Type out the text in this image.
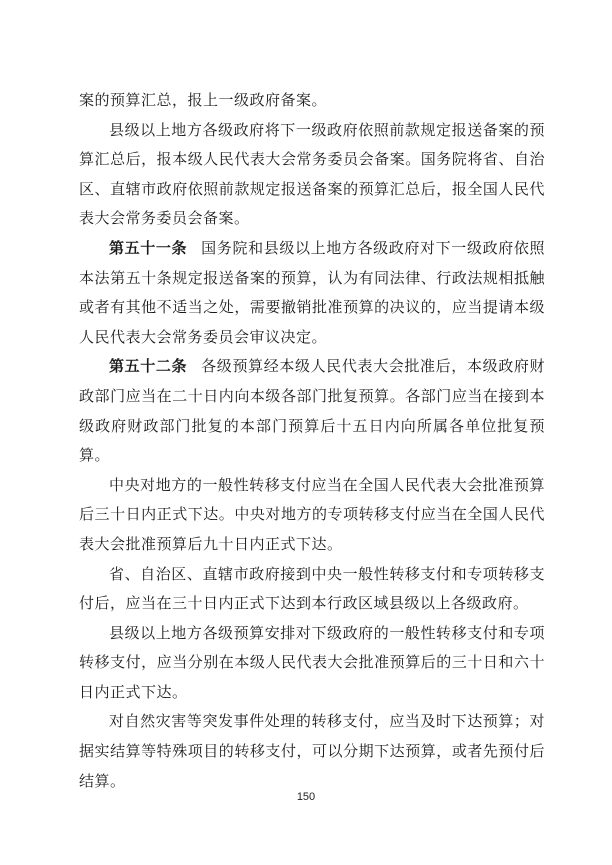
案的预算汇总，报上一级政府备案。

县级以上地方各级政府将下一级政府依照前款规定报送备案的预算汇总后，报本级人民代表大会常务委员会备案。国务院将省、自治区、直辖市政府依照前款规定报送备案的预算汇总后，报全国人民代表大会常务委员会备案。

第五十一条 国务院和县级以上地方各级政府对下一级政府依照本法第五十条规定报送备案的预算，认为有同法律、行政法规相抵触或者有其他不适当之处，需要撤销批准预算的决议的，应当提请本级人民代表大会常务委员会审议决定。

第五十二条 各级预算经本级人民代表大会批准后，本级政府财政部门应当在二十日内向本级各部门批复预算。各部门应当在接到本级政府财政部门批复的本部门预算后十五日内向所属各单位批复预算。

中央对地方的一般性转移支付应当在全国人民代表大会批准预算后三十日内正式下达。中央对地方的专项转移支付应当在全国人民代表大会批准预算后九十日内正式下达。

省、自治区、直辖市政府接到中央一般性转移支付和专项转移支付后，应当在三十日内正式下达到本行政区域县级以上各级政府。

县级以上地方各级预算安排对下级政府的一般性转移支付和专项转移支付，应当分别在本级人民代表大会批准预算后的三十日和六十日内正式下达。

对自然灾害等突发事件处理的转移支付，应当及时下达预算；对据实结算等特殊项目的转移支付，可以分期下达预算，或者先预付后结算。

150
